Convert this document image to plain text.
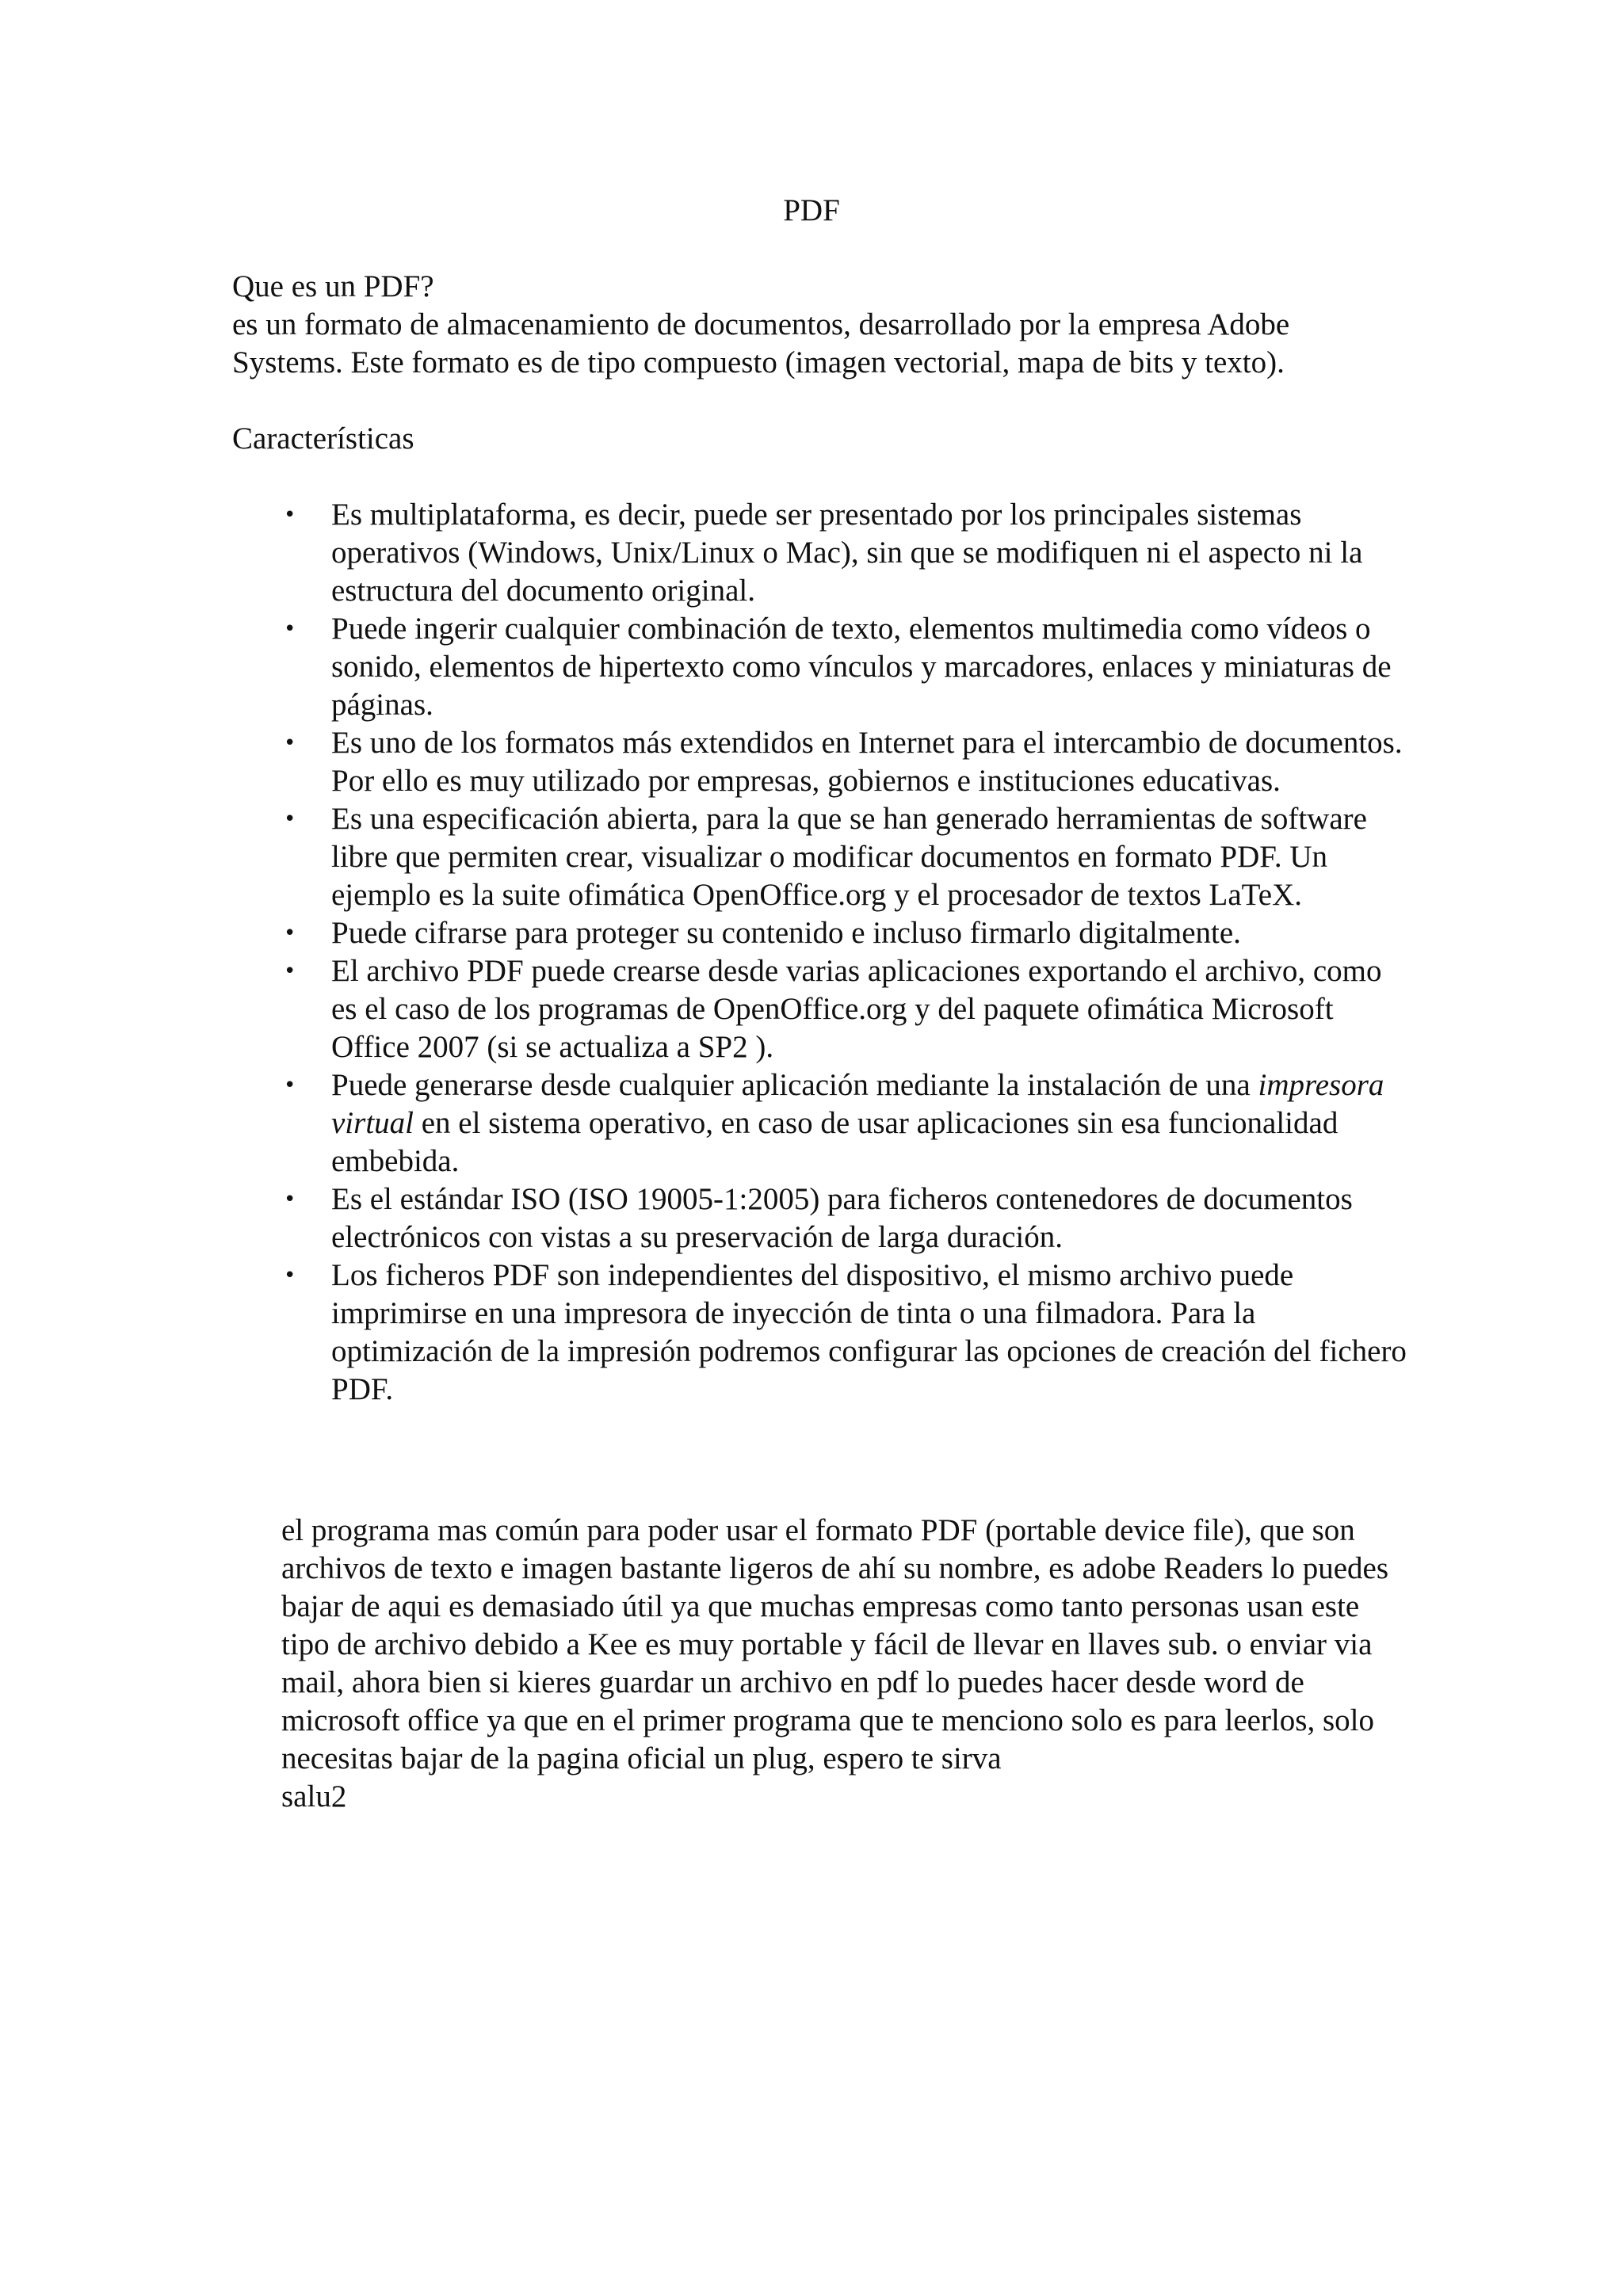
PDF

Que es un PDF?

es un formato de almacenamiento de documentos, desarrollado por la empresa Adobe Systems. Este formato es de tipo compuesto (imagen vectorial, mapa de bits y texto).

Características
• Es multiplataforma, es decir, puede ser presentado por los principales sistemas operativos (Windows, Unix/Linux o Mac), sin que se modifiquen ni el aspecto ni la estructura del documento original.
• Puede ingerir cualquier combinación de texto, elementos multimedia como vídeos o sonido, elementos de hipertexto como vínculos y marcadores, enlaces y miniaturas de páginas.
• Es uno de los formatos más extendidos en Internet para el intercambio de documentos. Por ello es muy utilizado por empresas, gobiernos e instituciones educativas.
• Es una especificación abierta, para la que se han generado herramientas de software libre que permiten crear, visualizar o modificar documentos en formato PDF. Un ejemplo es la suite ofimática OpenOffice.org y el procesador de textos LaTeX.
• Puede cifrarse para proteger su contenido e incluso firmarlo digitalmente.
• El archivo PDF puede crearse desde varias aplicaciones exportando el archivo, como es el caso de los programas de OpenOffice.org y del paquete ofimática Microsoft Office 2007 (si se actualiza a SP2 ).
• Puede generarse desde cualquier aplicación mediante la instalación de una impresora virtual en el sistema operativo, en caso de usar aplicaciones sin esa funcionalidad embebida.
• Es el estándar ISO (ISO 19005-1:2005) para ficheros contenedores de documentos electrónicos con vistas a su preservación de larga duración.
• Los ficheros PDF son independientes del dispositivo, el mismo archivo puede imprimirse en una impresora de inyección de tinta o una filmadora. Para la optimización de la impresión podremos configurar las opciones de creación del fichero PDF.

el programa mas común para poder usar el formato PDF (portable device file), que son archivos de texto e imagen bastante ligeros de ahí su nombre, es adobe Readers lo puedes bajar de aqui es demasiado útil ya que muchas empresas como tanto personas usan este tipo de archivo debido a Kee es muy portable y fácil de llevar en llaves sub. o enviar via mail, ahora bien si kieres guardar un archivo en pdf lo puedes hacer desde word de microsoft office ya que en el primer programa que te menciono solo es para leerlos, solo necesitas bajar de la pagina oficial un plug, espero te sirva

salu2
